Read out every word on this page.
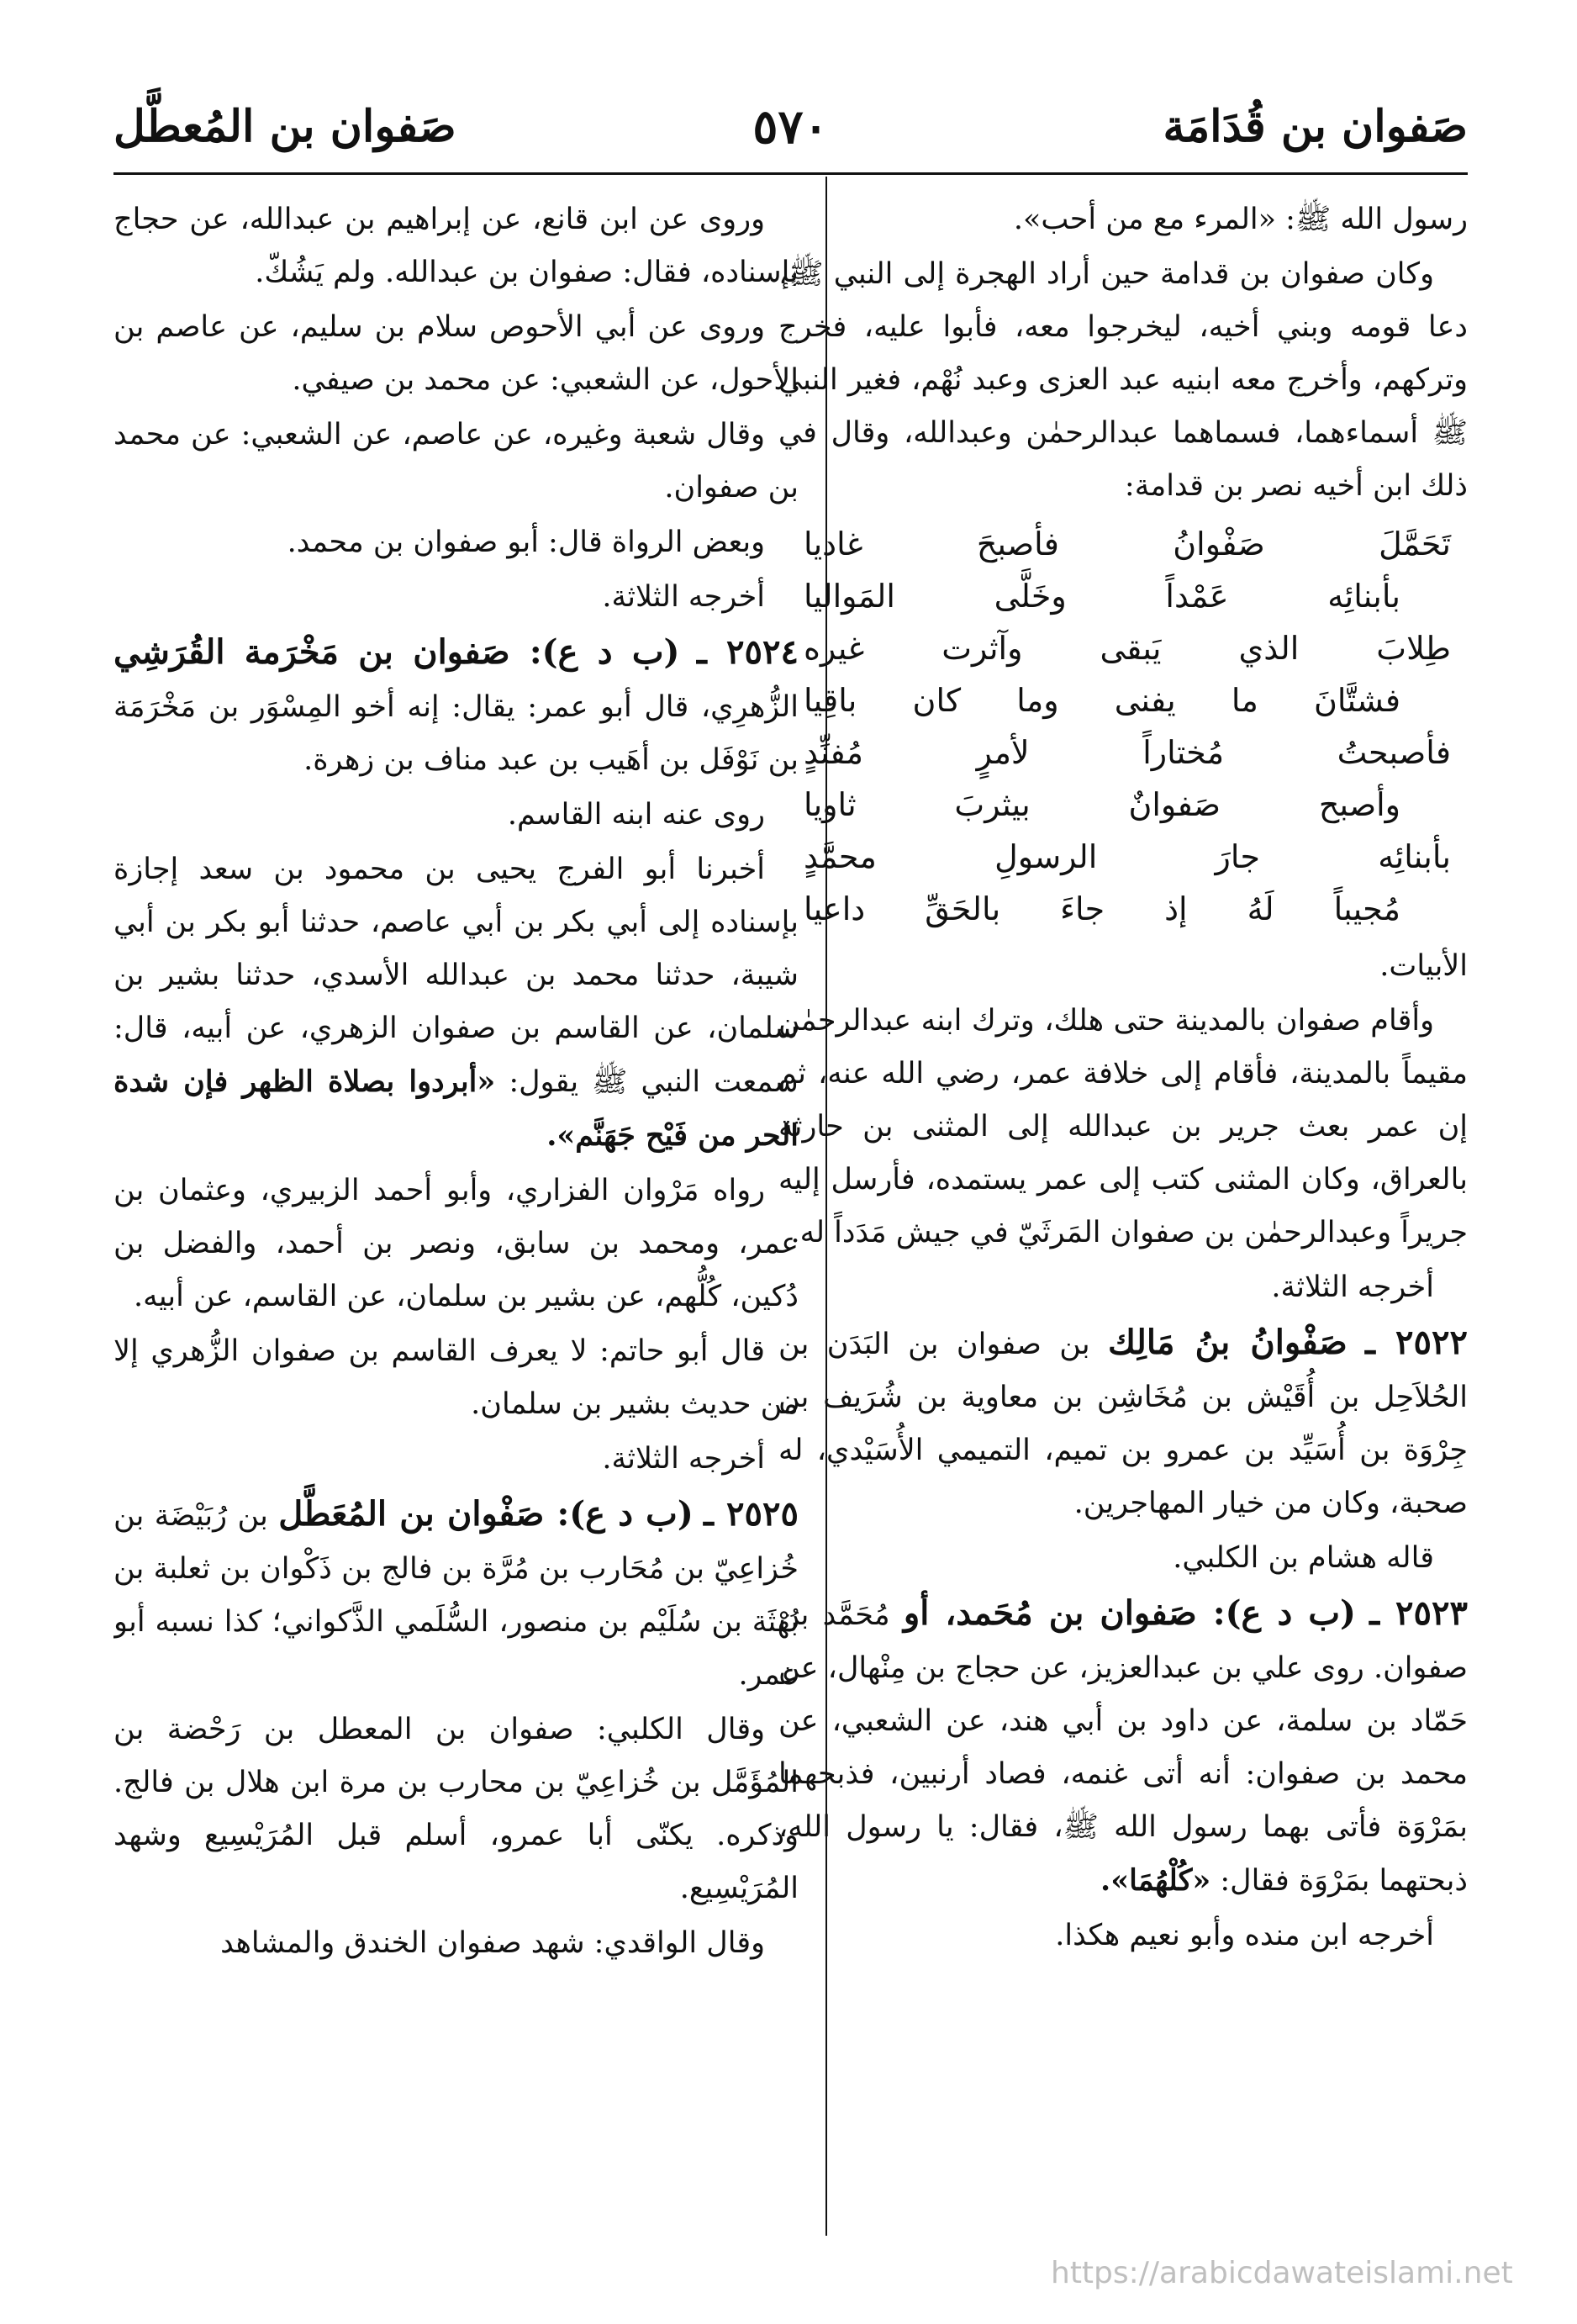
صَفوان بن قُدَامَة
٥٧٠
صَفوان بن المُعطَّل

رسول الله ﷺ: «المرء مع من أحب».

وكان صفوان بن قدامة حين أراد الهجرة إلى النبي ﷺ، دعا قومه وبني أخيه، ليخرجوا معه، فأبوا عليه، فخرج وتركهم، وأخرج معه ابنيه عبد العزى وعبد نُهْم، فغير النبي ﷺ أسماءهما، فسماهما عبدالرحمٰن وعبدالله، وقال في ذلك ابن أخيه نصر بن قدامة:

تَحَمَّلَ صَفْوانُ فأصبحَ غاديا
بأبنائِه عَمْداً وخَلَّى المَواليا
طِلابَ الذي يَبقى وآثرت غيره
فشتَّانَ ما يفنى وما كان باقِيا
فأصبحتُ مُختاراً لأمرٍ مُفنِّدٍ
وأصبح صَفوانٌ بيثربَ ثاويا
بأبنائِه جارَ الرسولِ محمَّدٍ
مُجيباً لَهُ إذ جاءَ بالحَقِّ داعيا

الأبيات.

وأقام صفوان بالمدينة حتى هلك، وترك ابنه عبدالرحمٰن مقيماً بالمدينة، فأقام إلى خلافة عمر، رضي الله عنه، ثم إن عمر بعث جرير بن عبدالله إلى المثنى بن حارثة بالعراق، وكان المثنى كتب إلى عمر يستمده، فأرسل إليه جريراً وعبدالرحمٰن بن صفوان المَرثَيّ في جيش مَدَداً له.

أخرجه الثلاثة.

٢٥٢٢ ـ صَفْوانُ بنُ مَالِك بن صفوان بن البَدَن بن الحُلاَحِل بن أُقَيْش بن مُخَاشِن بن معاوية بن شُرَيف بن جِرْوَة بن أُسَيِّد بن عمرو بن تميم، التميمي الأُسَيْدي، له صحبة، وكان من خيار المهاجرين.

قاله هشام بن الكلبي.

٢٥٢٣ ـ (ب د ع): صَفوان بن مُحَمد، أو مُحَمَّد بن صفوان. روى علي بن عبدالعزيز، عن حجاج بن مِنْهال، عن حَمّاد بن سلمة، عن داود بن أبي هند، عن الشعبي، عن محمد بن صفوان: أنه أتى غنمه، فصاد أرنبين، فذبحهما بمَرْوَة فأتى بهما رسول الله ﷺ، فقال: يا رسول الله، ذبحتهما بمَرْوَة فقال: «كُلْهُمَا».

أخرجه ابن منده وأبو نعيم هكذا.

وروى عن ابن قانع، عن إبراهيم بن عبدالله، عن حجاج بإسناده، فقال: صفوان بن عبدالله. ولم يَشُكّ.

وروى عن أبي الأحوص سلام بن سليم، عن عاصم بن الأحول، عن الشعبي: عن محمد بن صيفي.

وقال شعبة وغيره، عن عاصم، عن الشعبي: عن محمد بن صفوان.

وبعض الرواة قال: أبو صفوان بن محمد.

أخرجه الثلاثة.

٢٥٢٤ ـ (ب د ع): صَفوان بن مَخْرَمة القُرَشِي الزُّهرِي، قال أبو عمر: يقال: إنه أخو المِسْوَر بن مَخْرَمَة بن نَوْفَل بن أهَيب بن عبد مناف بن زهرة.

روى عنه ابنه القاسم.

أخبرنا أبو الفرج يحيى بن محمود بن سعد إجازة بإسناده إلى أبي بكر بن أبي عاصم، حدثنا أبو بكر بن أبي شيبة، حدثنا محمد بن عبدالله الأسدي، حدثنا بشير بن سلمان، عن القاسم بن صفوان الزهري، عن أبيه، قال: سمعت النبي ﷺ يقول: «أبردوا بصلاة الظهر فإن شدة الحر من فَيْح جَهَنَّم».

رواه مَرْوان الفزاري، وأبو أحمد الزبيري، وعثمان بن عمر، ومحمد بن سابق، ونصر بن أحمد، والفضل بن دُكين، كُلُّهم، عن بشير بن سلمان، عن القاسم، عن أبيه.

قال أبو حاتم: لا يعرف القاسم بن صفوان الزُّهري إلا من حديث بشير بن سلمان.

أخرجه الثلاثة.

٢٥٢٥ ـ (ب د ع): صَفْوان بن المُعَطَّل بن رُبَيْضَة بن خُزاعِيّ بن مُحَارب بن مُرَّة بن فالج بن ذَكْوان بن ثعلبة بن بُهْثَة بن سُلَيْم بن منصور، السُّلَمي الذَّكواني؛ كذا نسبه أبو عمر.

وقال الكلبي: صفوان بن المعطل بن رَحْضة بن المُؤَمَّل بن خُزاعِيّ بن محارب بن مرة ابن هلال بن فالج. وذكره. يكنّى أبا عمرو، أسلم قبل المُرَيْسِيع وشهد المُرَيْسِيع.

وقال الواقدي: شهد صفوان الخندق والمشاهد

https://arabicdawateislami.net
